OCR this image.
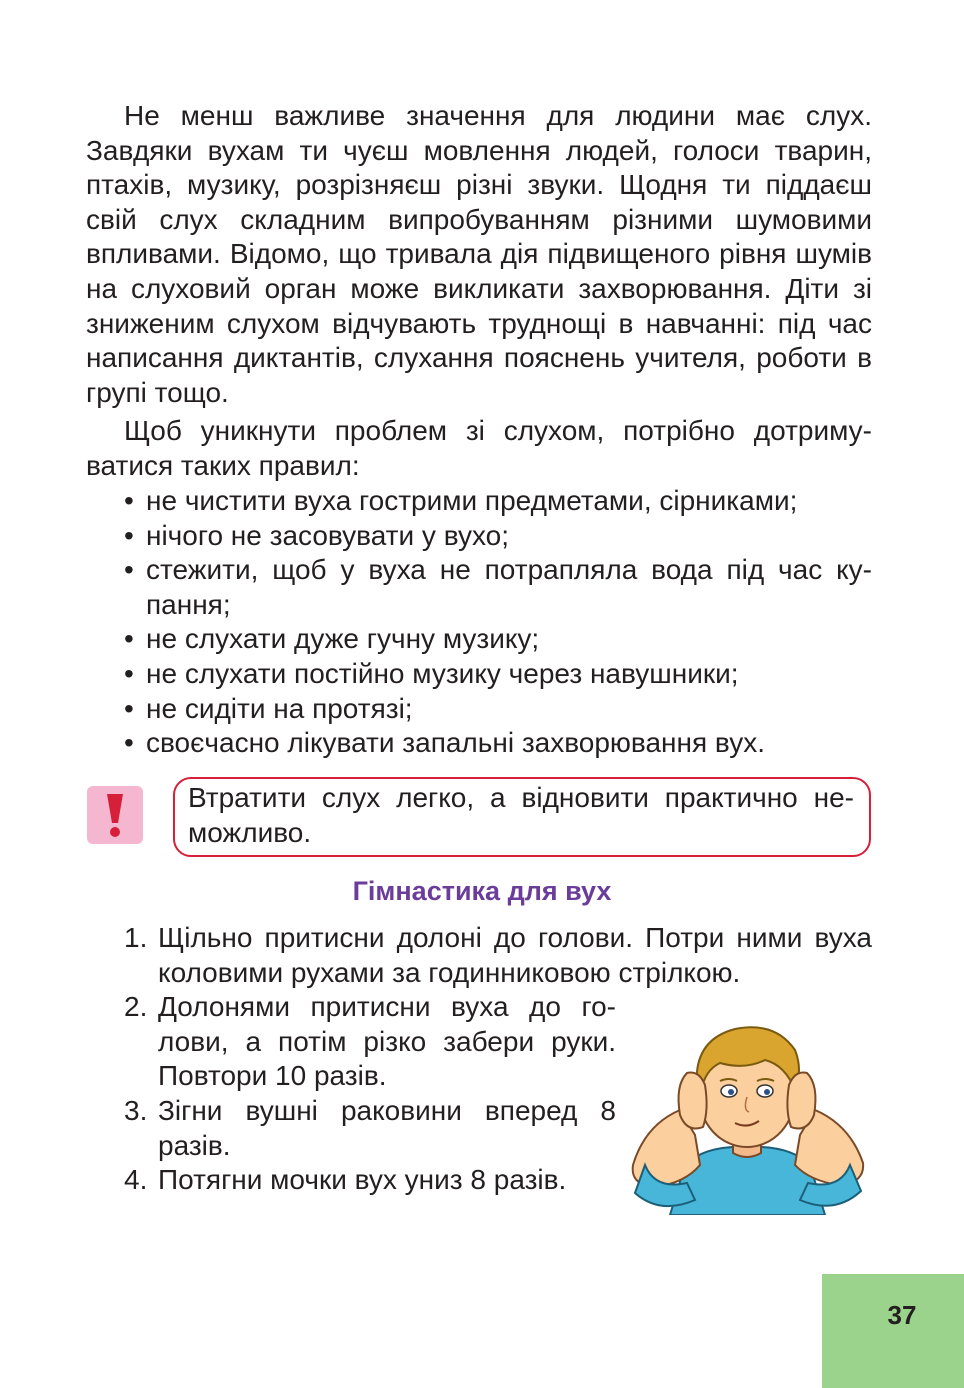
Не менш важливе значення для людини має слух. Завдяки вухам ти чуєш мовлення людей, голоси тварин, птахів, музику, розрізняєш різні звуки. Щодня ти піддаєш свій слух складним випробуванням різними шумовими впливами. Відомо, що тривала дія підвищеного рівня шумів на слуховий орган може викликати захворювання. Діти зі зниженим слухом відчувають труднощі в навчанні: під час написання диктантів, слухання пояснень учителя, роботи в групі тощо.

Щоб уникнути проблем зі слухом, потрібно дотримуватися таких правил:

• не чистити вуха гострими предметами, сірниками;
• нічого не засовувати у вухо;
• стежити, щоб у вуха не потрапляла вода під час купання;
• не слухати дуже гучну музику;
• не слухати постійно музику через навушники;
• не сидіти на протязі;
• своєчасно лікувати запальні захворювання вух.

Втратити слух легко, а відновити практично неможливо.

Гімнастика для вух
1. Щільно притисни долоні до голови. Потри ними вуха коловими рухами за годинниковою стрілкою.
2. Долонями притисни вуха до голови, а потім різко забери руки. Повтори 10 разів.
3. Зігни вушні раковини вперед 8 разів.
4. Потягни мочки вух униз 8 разів.
37
